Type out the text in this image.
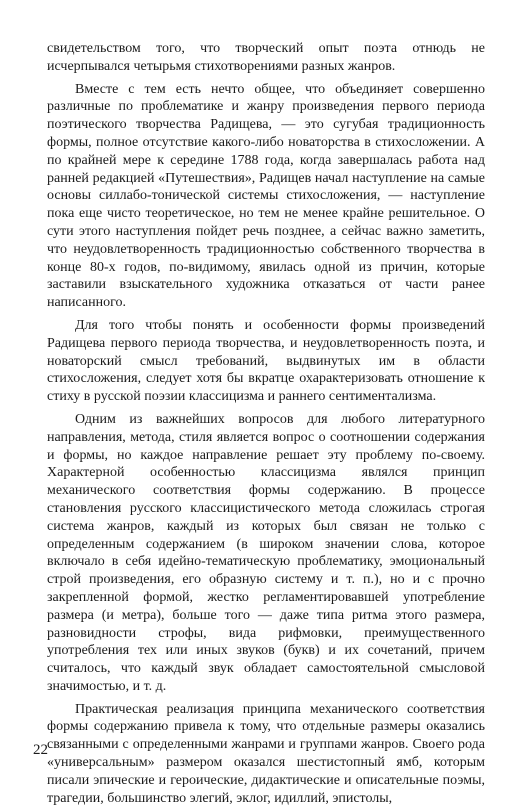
свидетельством того, что творческий опыт поэта отнюдь не исчерпывался четырьмя стихотворениями разных жанров.

Вместе с тем есть нечто общее, что объединяет совершенно различные по проблематике и жанру произведения первого периода поэтического творчества Радищева, — это сугубая традиционность формы, полное отсутствие какого-либо новаторства в стихосложении. А по крайней мере к середине 1788 года, когда завершалась работа над ранней редакцией «Путешествия», Радищев начал наступление на самые основы силлабо-тонической системы стихосложения, — наступление пока еще чисто теоретическое, но тем не менее крайне решительное. О сути этого наступления пойдет речь позднее, а сейчас важно заметить, что неудовлетворенность традиционностью собственного творчества в конце 80-х годов, по-видимому, явилась одной из причин, которые заставили взыскательного художника отказаться от части ранее написанного.

Для того чтобы понять и особенности формы произведений Радищева первого периода творчества, и неудовлетворенность поэта, и новаторский смысл требований, выдвинутых им в области стихосложения, следует хотя бы вкратце охарактеризовать отношение к стиху в русской поэзии классицизма и раннего сентиментализма.

Одним из важнейших вопросов для любого литературного направления, метода, стиля является вопрос о соотношении содержания и формы, но каждое направление решает эту проблему по-своему. Характерной особенностью классицизма являлся принцип механического соответствия формы содержанию. В процессе становления русского классицистического метода сложилась строгая система жанров, каждый из которых был связан не только с определенным содержанием (в широком значении слова, которое включало в себя идейно-тематическую проблематику, эмоциональный строй произведения, его образную систему и т. п.), но и с прочно закрепленной формой, жестко регламентировавшей употребление размера (и метра), больше того — даже типа ритма этого размера, разновидности строфы, вида рифмовки, преимущественного употребления тех или иных звуков (букв) и их сочетаний, причем считалось, что каждый звук обладает самостоятельной смысловой значимостью, и т. д.

Практическая реализация принципа механического соответствия формы содержанию привела к тому, что отдельные размеры оказались связанными с определенными жанрами и группами жанров. Своего рода «универсальным» размером оказался шестистопный ямб, которым писали эпические и героические, дидактические и описательные поэмы, трагедии, большинство элегий, эклог, идиллий, эпистолы,

22
